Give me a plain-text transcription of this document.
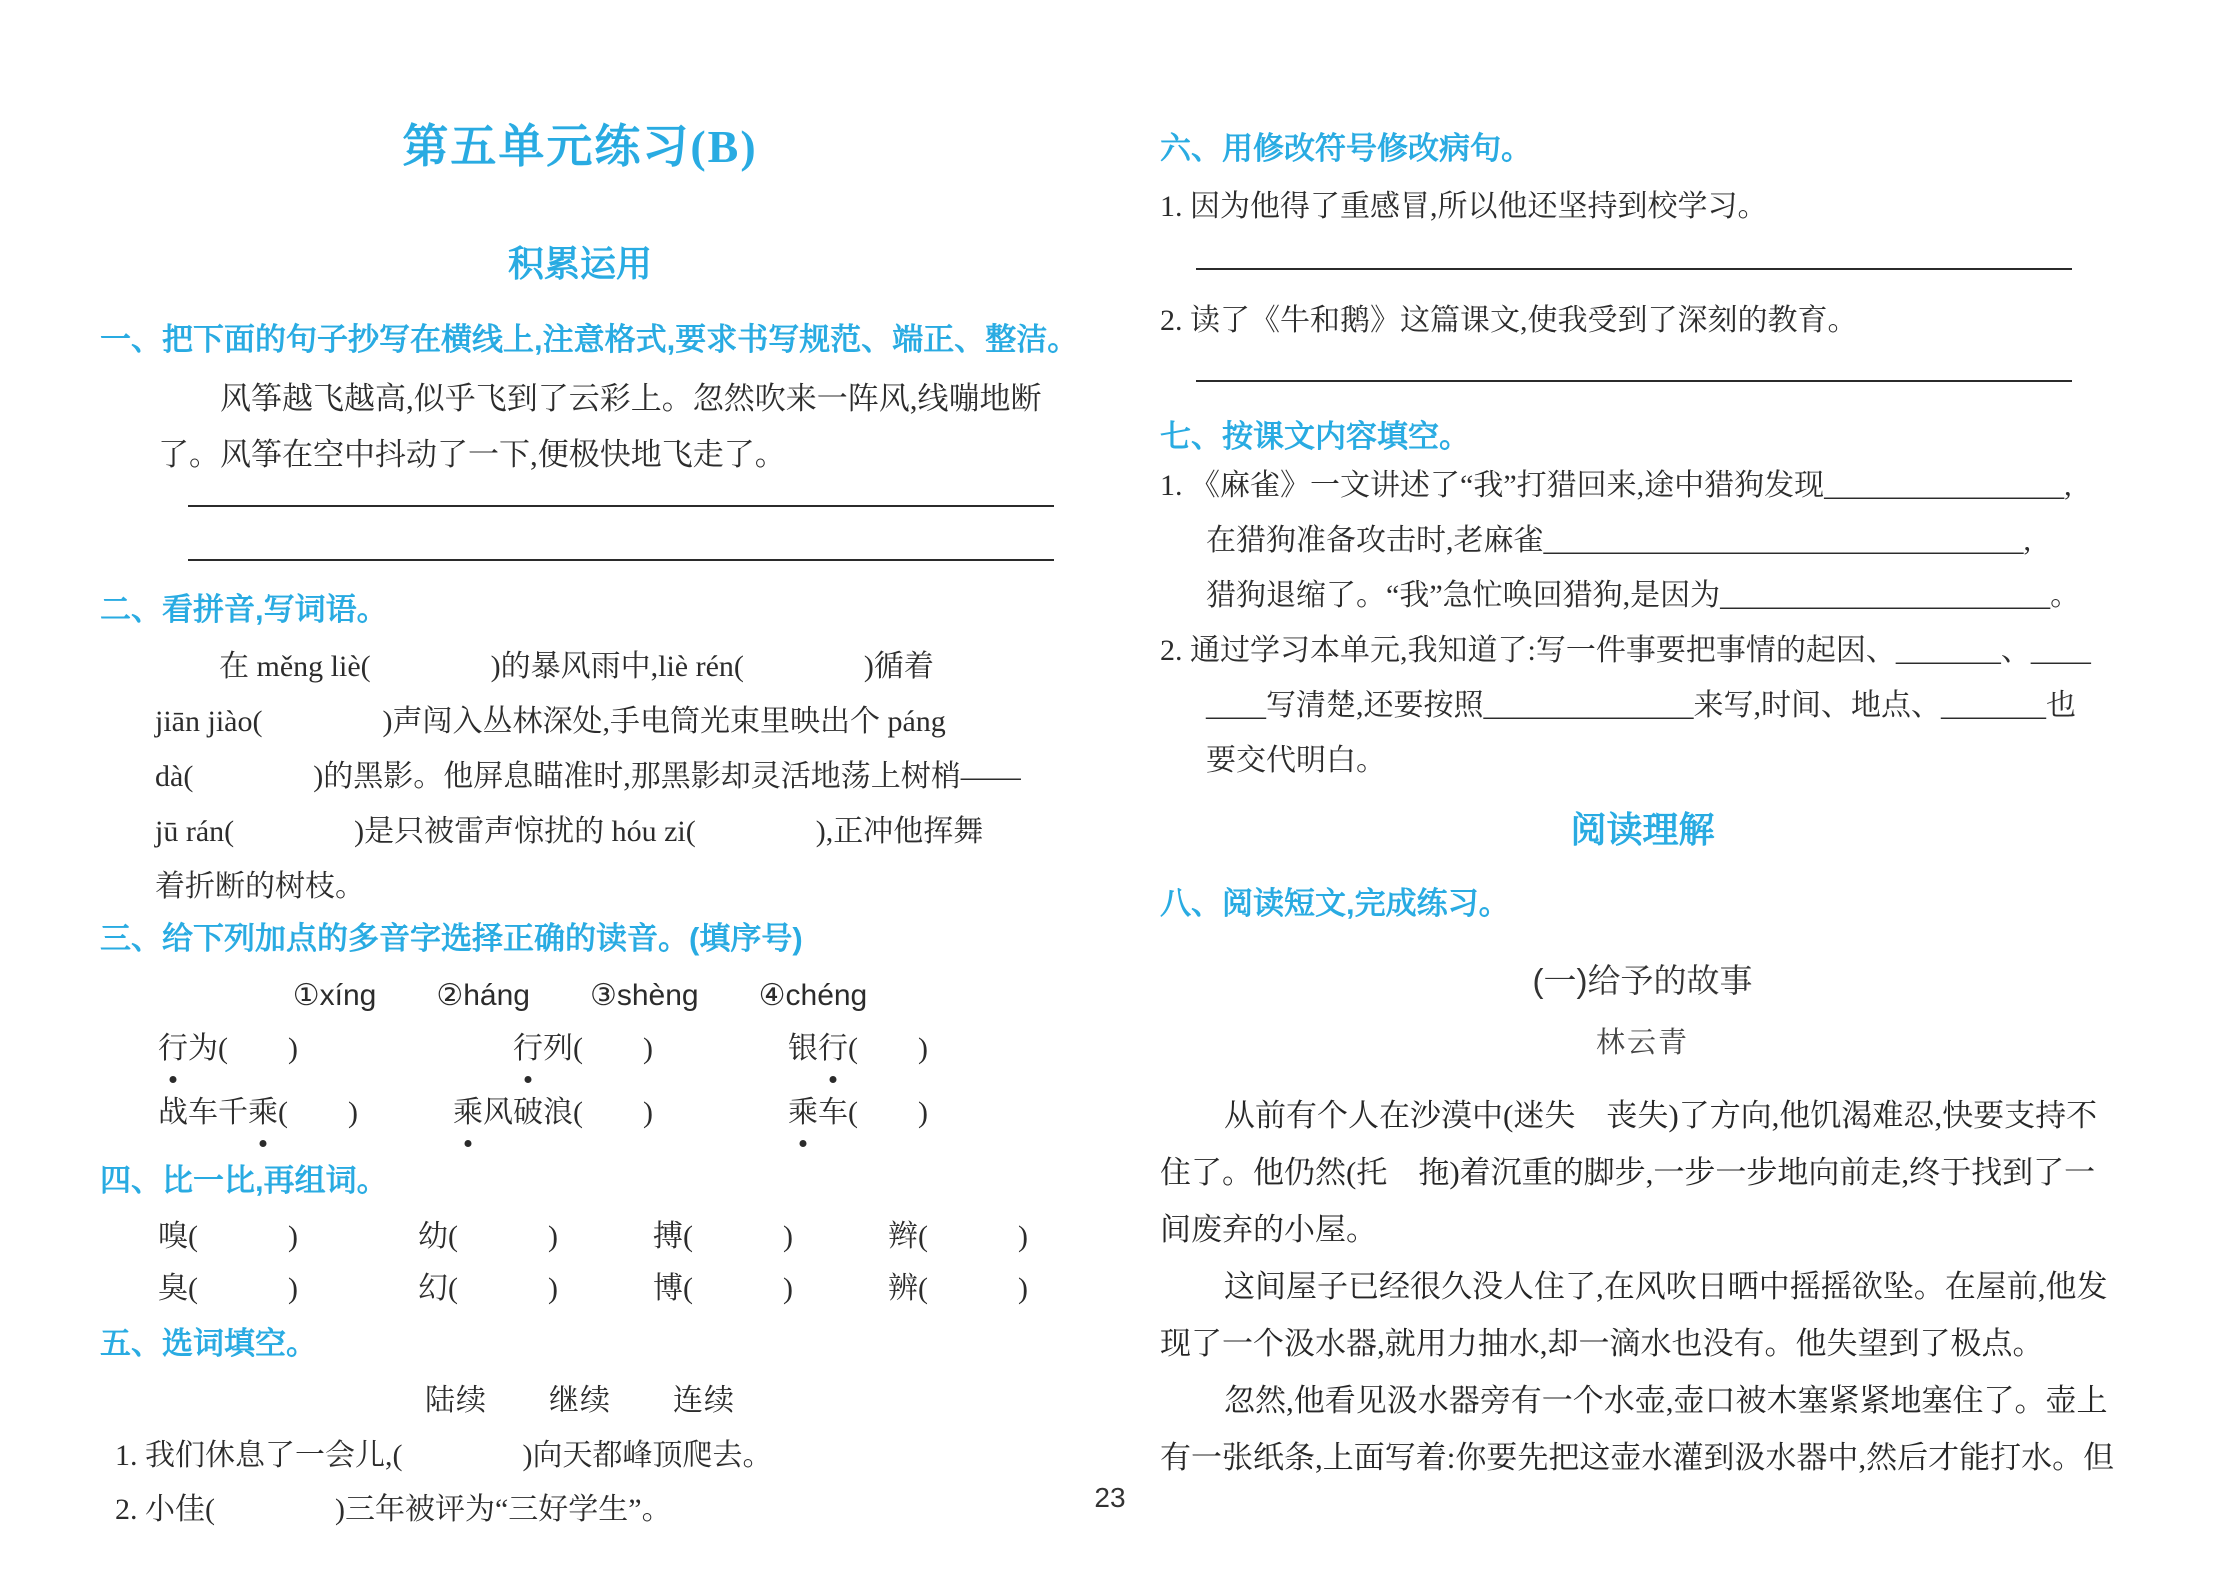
第五单元练习(B)
积累运用
一、把下面的句子抄写在横线上,注意格式,要求书写规范、端正、整洁。
风筝越飞越高,似乎飞到了云彩上。忽然吹来一阵风,线嘣地断
了。风筝在空中抖动了一下,便极快地飞走了。
二、看拼音,写词语。
在 měng liè(　　　　)的暴风雨中,liè rén(　　　　)循着
jiān jiào(　　　　)声闯入丛林深处,手电筒光束里映出个 páng
dà(　　　　)的黑影。他屏息瞄准时,那黑影却灵活地荡上树梢——
jū rán(　　　　)是只被雷声惊扰的 hóu zi(　　　　),正冲他挥舞
着折断的树枝。
三、给下列加点的多音字选择正确的读音。(填序号)
①xíng　　②háng　　③shèng　　④chéng
行为(　　)	行列(　　)	银行(　　)
战车千乘(　　)	乘风破浪(　　)	乘车(　　)
四、比一比,再组词。
嗅(　　　)	幼(　　　)	搏(　　　)	辫(　　　)
臭(　　　)	幻(　　　)	博(　　　)	辨(　　　)
五、选词填空。
陆续　　继续　　连续
1. 我们休息了一会儿,(　　　　)向天都峰顶爬去。
2. 小佳(　　　　)三年被评为“三好学生”。
六、用修改符号修改病句。
1. 因为他得了重感冒,所以他还坚持到校学习。
2. 读了《牛和鹅》这篇课文,使我受到了深刻的教育。
七、按课文内容填空。
1. 《麻雀》一文讲述了“我”打猎回来,途中猎狗发现________________,
在猎狗准备攻击时,老麻雀________________________________,
猎狗退缩了。“我”急忙唤回猎狗,是因为______________________。
2. 通过学习本单元,我知道了:写一件事要把事情的起因、_______、____
____写清楚,还要按照______________来写,时间、地点、_______也
要交代明白。
阅读理解
八、阅读短文,完成练习。
(一)给予的故事
林云青
从前有个人在沙漠中(迷失　丧失)了方向,他饥渴难忍,快要支持不
住了。他仍然(托　拖)着沉重的脚步,一步一步地向前走,终于找到了一
间废弃的小屋。
这间屋子已经很久没人住了,在风吹日晒中摇摇欲坠。在屋前,他发
现了一个汲水器,就用力抽水,却一滴水也没有。他失望到了极点。
忽然,他看见汲水器旁有一个水壶,壶口被木塞紧紧地塞住了。壶上
有一张纸条,上面写着:你要先把这壶水灌到汲水器中,然后才能打水。但
23
